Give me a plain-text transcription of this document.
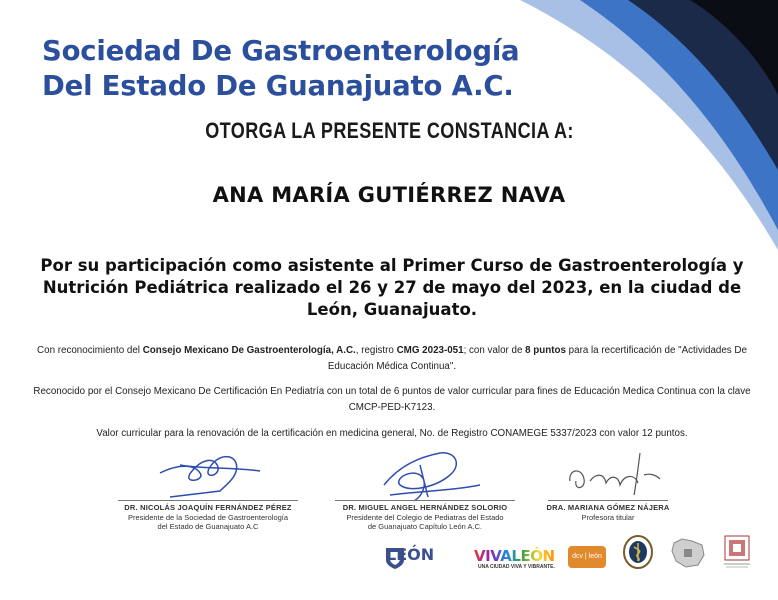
Sociedad De Gastroenterología
Del Estado De Guanajuato A.C.
OTORGA LA PRESENTE CONSTANCIA A:
ANA MARÍA GUTIÉRREZ NAVA
Por su participación como asistente al Primer Curso de Gastroenterología y Nutrición Pediátrica realizado el 26 y 27 de mayo del 2023, en la ciudad de León, Guanajuato.
Con reconocimiento del Consejo Mexicano De Gastroenterología, A.C., registro CMG 2023-051; con valor de 8 puntos para la recertificación de "Actividades De Educación Médica Continua".
Reconocido por el Consejo Mexicano De Certificación En Pediatría con un total de 6 puntos de valor curricular para fines de Educación Medica Continua con la clave CMCP-PED-K7123.
Valor curricular para la renovación de la certificación en medicina general, No. de Registro CONAMEGE 5337/2023 con valor 12 puntos.
DR. NICOLÁS JOAQUÍN FERNÁNDEZ PÉREZ
Presidente de la Sociedad de Gastroenterología
del Estado de Guanajuato A.C
DR. MIGUEL ANGEL HERNÁNDEZ SOLORIO
Presidente del Colegio de Pediatras del Estado
de Guanajuato Capítulo León A.C.
DRA. MARIANA GÓMEZ NÁJERA
Profesora titular
LEÓN	VIVALEÓN
UNA CIUDAD VIVA Y VIBRANTE.
dcv | león
